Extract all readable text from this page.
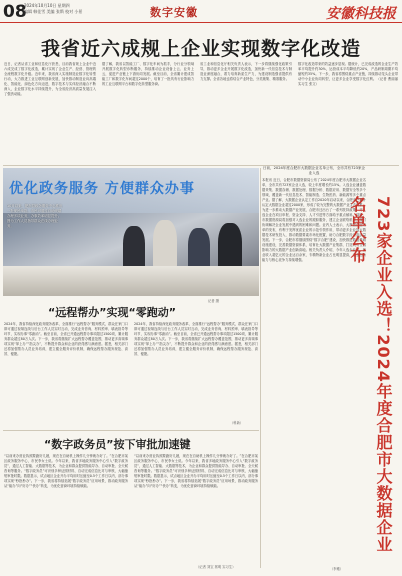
08
2024年10月10日 星期四
编辑 韩佳雪 美编 张斯 校对 小景	数字安徽	安徽科技报
我省近六成规上企业实现数字化改造
近日，记者从省工业和信息化厅获悉，目前我省规上企业中近六成完成了数字化改造，累计实现了企业生产、经营、管理的全流程数字化升级。近年来，我省深入实施制造业数字化转型行动，大力推进工业互联网创新发展，加快推动制造业向高端化、智能化、绿色化方向迈进，数字技术与实体经济融合不断深入，企业数字化水平持续提升，为全省经济高质量发展注入了强劲动能。
据了解，我省以智能工厂、数字化车间为抓手，分行业分领域开展数字化转型诊断服务，持续推动企业设备上云、业务上云，促进产业链上下游协同发展。截至目前，全省累计建成智能工厂和数字化车间超过2000个，培育了一批具有行业影响力的工业互联网平台和数字化转型服务商。
省工业和信息化厅相关负责人表示，下一步将继续强化政策引导，推动更多企业开展数字化改造，加快新一代信息技术与制造业深度融合，着力培育新质生产力，为建设制造强省提供有力支撑。全省各地也将结合产业特色，分类施策、精准服务。
数字化改造带来的效益逐步显现。据统计，已完成改造的企业生产效率平均提升约30%，运营成本平均降低约20%，产品研制周期平均缩短约35%。下一步，我省将围绕重点产业链，持续推动龙头企业带动中小企业协同转型，让更多企业享受数字化红利。（记者 曹丽丽 实习生 张文）
优化政务服务 方便群众办事
10月以来，肥东县政务服务中心推出一批便民举措，市民可通过自助终端办理多项业务，办事效率明显提升。图为工作人员指导群众在线办理业务。
记者 摄
“远程帮办”实现“零跑动”
2024年，我省持续深化政务服务改革，全面推行“远程帮办”服务模式，群众在家门口即可通过视频连线与后台工作人员实时互动，完成业务咨询、材料预审、填表指导等环节，实现办事“零跑动”。截至目前，全省已开通远程帮办事项超过1500项，累计服务群众超过80万人次。下一步，我省将继续扩大远程帮办覆盖范围，推动更多高频事项实现“掌上办”“指尖办”，不断提升群众和企业的获得感与满意度。据悉，相关部门还将加强帮办人员业务培训，建立健全服务评价机制，确保远程帮办服务规范、高效、便捷。
2024年，我省持续深化政务服务改革，全面推行“远程帮办”服务模式，群众在家门口即可通过视频连线与后台工作人员实时互动，完成业务咨询、材料预审、填表指导等环节，实现办事“零跑动”。截至目前，全省已开通远程帮办事项超过1500项，累计服务群众超过80万人次。下一步，我省将继续扩大远程帮办覆盖范围，推动更多高频事项实现“掌上办”“指尖办”，不断提升群众和企业的获得感与满意度。据悉，相关部门还将加强帮办人员业务培训，建立健全服务评价机制，确保远程帮办服务规范、高效、便捷。
（科新）
“数字政务员”按下审批加速键
“以前来办营业执照要跑好几趟，现在在自助机上操作几分钟就办好了。”在合肥市某区政务服务中心，市民李女士说。今年以来，我省多地政务服务中心引入“数字政务员”，通过人工智能、大数据等技术，为企业和群众提供智能导办、自动审批、全天候咨询等服务。“数字政务员”可识别多种证照材料，自动完成信息比对与审核，大幅缩短审批时限。数据显示，试点地区企业开办平均用时压缩至0.5个工作日以内，部分事项实现“秒批秒办”。下一步，我省将持续拓展“数字政务员”应用场景，推动政务服务从“能办”向“好办”“快办”转变，为优化营商环境持续赋能。
“以前来办营业执照要跑好几趟，现在在自助机上操作几分钟就办好了。”在合肥市某区政务服务中心，市民李女士说。今年以来，我省多地政务服务中心引入“数字政务员”，通过人工智能、大数据等技术，为企业和群众提供智能导办、自动审批、全天候咨询等服务。“数字政务员”可识别多种证照材料，自动完成信息比对与审核，大幅缩短审批时限。数据显示，试点地区企业开办平均用时压缩至0.5个工作日以内，部分事项实现“秒批秒办”。下一步，我省将持续拓展“数字政务员”应用场景，推动政务服务从“能办”向“好办”“快办”转变，为优化营商环境持续赋能。
（记者 刘宝 郭明 实习生）
日前，2024年度合肥市大数据企业名单公布，全市共有723家企业入选
本报讯 近日，合肥市数据资源局公布了2024年度合肥市大数据企业名单，全市共有723家企业入选，较上年度增长约15%。入选企业涵盖数据采集、数据存储、数据处理、数据分析、数据应用、数据安全等多个领域，覆盖新一代信息技术、智能制造、生物医药、新能源等多个重点产业。据了解，大数据企业认定工作自2020年启动以来，合肥市已累计认定大数据企业超过2000家，形成了较为完整的大数据产业生态体系。为进一步推动大数据产业发展，合肥市还出台了一系列扶持政策，对入选企业在项目申报、资金支持、人才引进等方面给予重点倾斜。同时，市数据资源局将加强对入选企业的跟踪服务，建立企业联络机制，及时协调解决企业发展中遇到的困难和问题。业内人士表示，大数据企业名单的发布，有利于发挥优质企业的示范引领作用，带动更多企业加大数据技术研发投入，推动数据要素市场化配置，助力合肥数字经济高质量发展。下一步，合肥市将继续围绕“数字合肥”建设，加快推进数据基础设施建设，完善数据资源体系，培育壮大数据产业集群，打造具有全国影响力的大数据产业创新高地。相关负责人介绍，今年入选企业中，营业收入超亿元的企业达百余家，专精特新企业占比明显提高，企业创新能力与核心竞争力持续增强。	723家企业入选！2024年度合肥市大数据企业名单公布
（李雅）
